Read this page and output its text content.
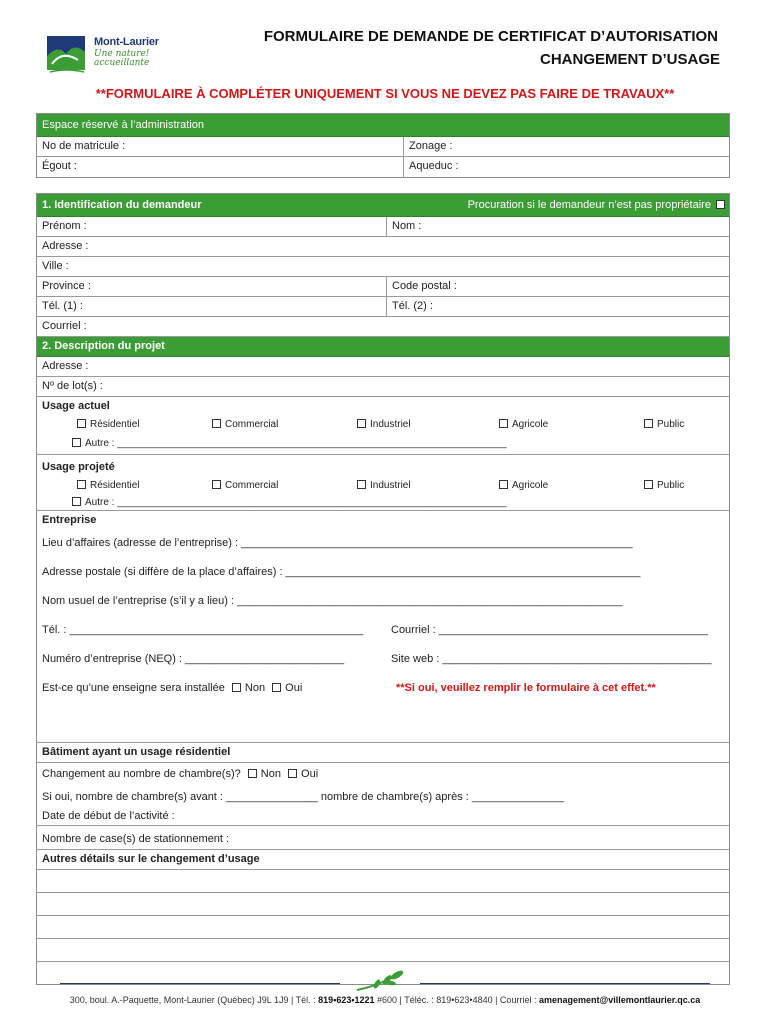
Mont-Laurier
Une nature! accueillante
FORMULAIRE DE DEMANDE DE CERTIFICAT D’AUTORISATION
CHANGEMENT D’USAGE
**FORMULAIRE À COMPLÉTER UNIQUEMENT SI VOUS NE DEVEZ PAS FAIRE DE TRAVAUX**
Espace réservé à l’administration
No de matricule :	Zonage :
Égout :	Aqueduc :
1. Identification du demandeur	Procuration si le demandeur n’est pas propriétaire
Prénom :	Nom :
Adresse :
Ville :
Province :	Code postal :
Tél. (1) :	Tél. (2) :
Courriel :
2. Description du projet
Adresse :
Nº de lot(s) :
Usage actuel
Résidentiel	Commercial	Industriel	Agricole	Public
Autre : ______________________________________________________________________
Usage projeté
Résidentiel	Commercial	Industriel	Agricole	Public
Autre : ______________________________________________________________________
Entreprise
Lieu d’affaires (adresse de l’entreprise) : ________________________________________________________________
Adresse postale (si diffère de la place d’affaires) : __________________________________________________________
Nom usuel de l’entreprise (s’il y a lieu) : _______________________________________________________________
Tél. : ________________________________________________	Courriel : ____________________________________________
Numéro d’entreprise (NEQ) : __________________________	Site web : ____________________________________________
Est-ce qu’une enseigne sera installée Non Oui	**Si oui, veuillez remplir le formulaire à cet effet.**
Bâtiment ayant un usage résidentiel
Changement au nombre de chambre(s)? Non Oui
Si oui, nombre de chambre(s) avant : _______________ nombre de chambre(s) après : _______________
Date de début de l’activité :
Nombre de case(s) de stationnement :
Autres détails sur le changement d’usage
300, boul. A.-Paquette, Mont-Laurier (Québec) J9L 1J9 | Tél. : 819•623•1221 #600 | Téléc. : 819•623•4840 | Courriel : amenagement@villemontlaurier.qc.ca
